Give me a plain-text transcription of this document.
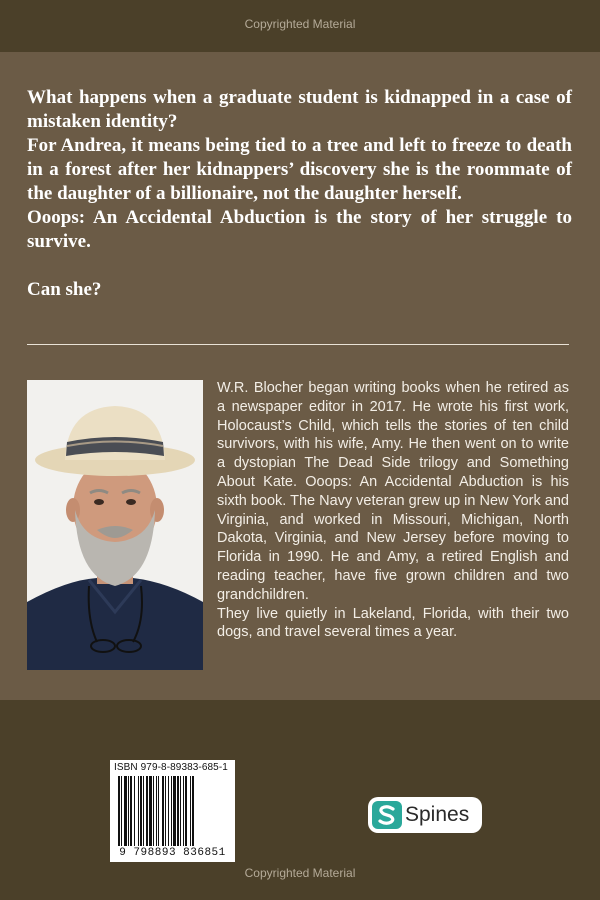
Copyrighted Material

What happens when a graduate student is kidnapped in a case of mistaken identity?

For Andrea, it means being tied to a tree and left to freeze to death in a forest after her kidnappers’ discovery she is the roommate of the daughter of a billionaire, not the daughter herself.

Ooops: An Accidental Abduction is the story of her struggle to survive.

Can she?

W.R. Blocher began writing books when he retired as a newspaper editor in 2017. He wrote his first work, Holocaust’s Child, which tells the stories of ten child survivors, with his wife, Amy. He then went on to write a dystopian The Dead Side trilogy and Something About Kate. Ooops: An Accidental Abduction is his sixth book. The Navy veteran grew up in New York and Virginia, and worked in Missouri, Michigan, North Dakota, Virginia, and New Jersey before moving to Florida in 1990. He and Amy, a retired English and reading teacher, have five grown children and two grandchildren.

They live quietly in Lakeland, Florida, with their two dogs, and travel several times a year.

ISBN 979-8-89383-685-1
9 798893 836851
Spines
Copyrighted Material
